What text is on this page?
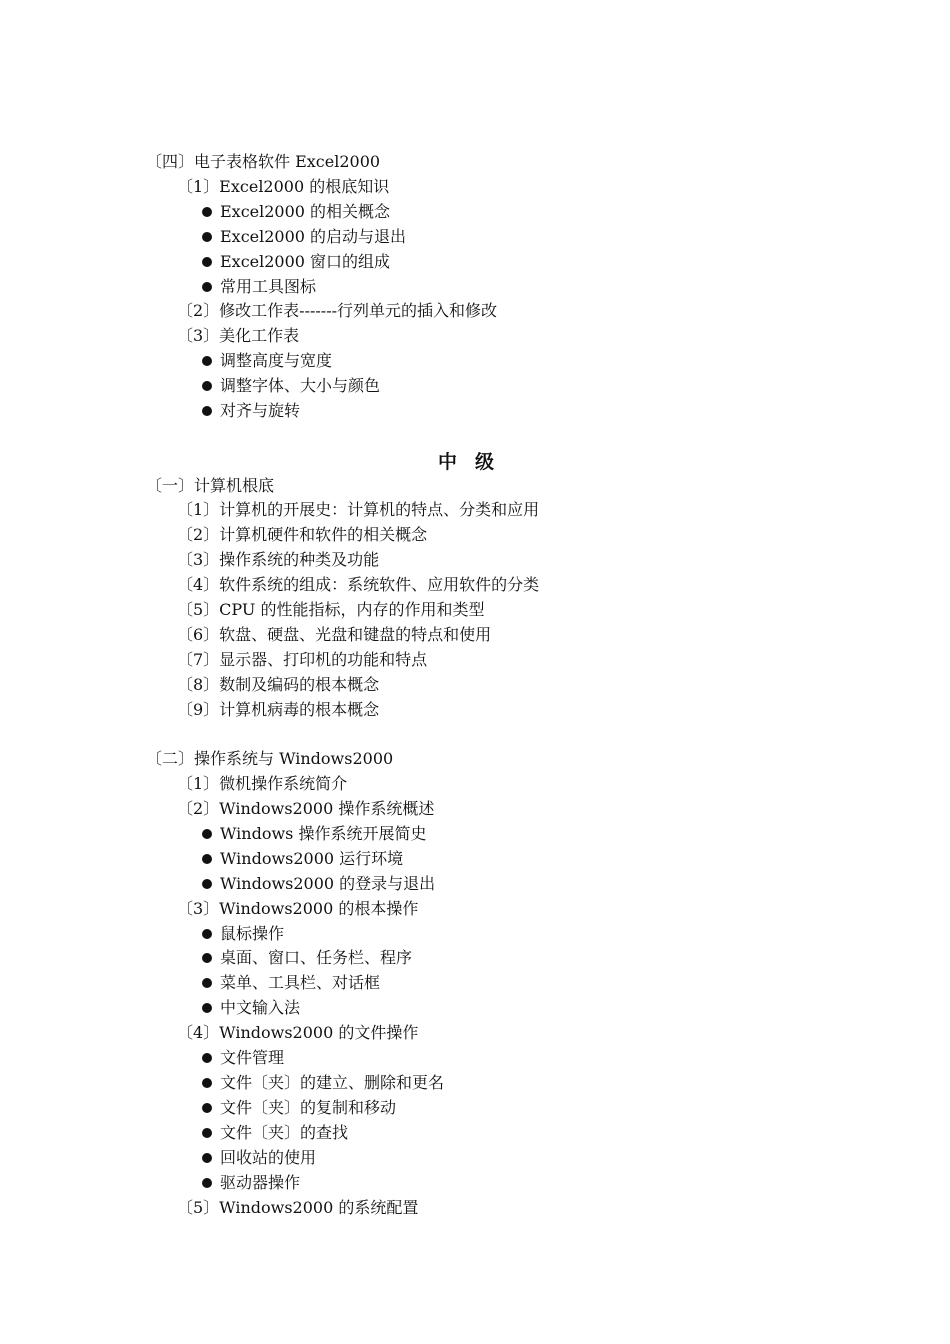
〔四〕电子表格软件 Excel2000
〔1〕Excel2000 的根底知识
Excel2000 的相关概念
Excel2000 的启动与退出
Excel2000 窗口的组成
常用工具图标
〔2〕修改工作表-------行列单元的插入和修改
〔3〕美化工作表
调整高度与宽度
调整字体、大小与颜色
对齐与旋转
中级
〔一〕计算机根底
〔1〕计算机的开展史：计算机的特点、分类和应用
〔2〕计算机硬件和软件的相关概念
〔3〕操作系统的种类及功能
〔4〕软件系统的组成：系统软件、应用软件的分类
〔5〕CPU 的性能指标，内存的作用和类型
〔6〕软盘、硬盘、光盘和键盘的特点和使用
〔7〕显示器、打印机的功能和特点
〔8〕数制及编码的根本概念
〔9〕计算机病毒的根本概念
〔二〕操作系统与 Windows2000
〔1〕微机操作系统简介
〔2〕Windows2000 操作系统概述
Windows 操作系统开展简史
Windows2000 运行环境
Windows2000 的登录与退出
〔3〕Windows2000 的根本操作
鼠标操作
桌面、窗口、任务栏、程序
菜单、工具栏、对话框
中文输入法
〔4〕Windows2000 的文件操作
文件管理
文件〔夹〕的建立、删除和更名
文件〔夹〕的复制和移动
文件〔夹〕的查找
回收站的使用
驱动器操作
〔5〕Windows2000 的系统配置
